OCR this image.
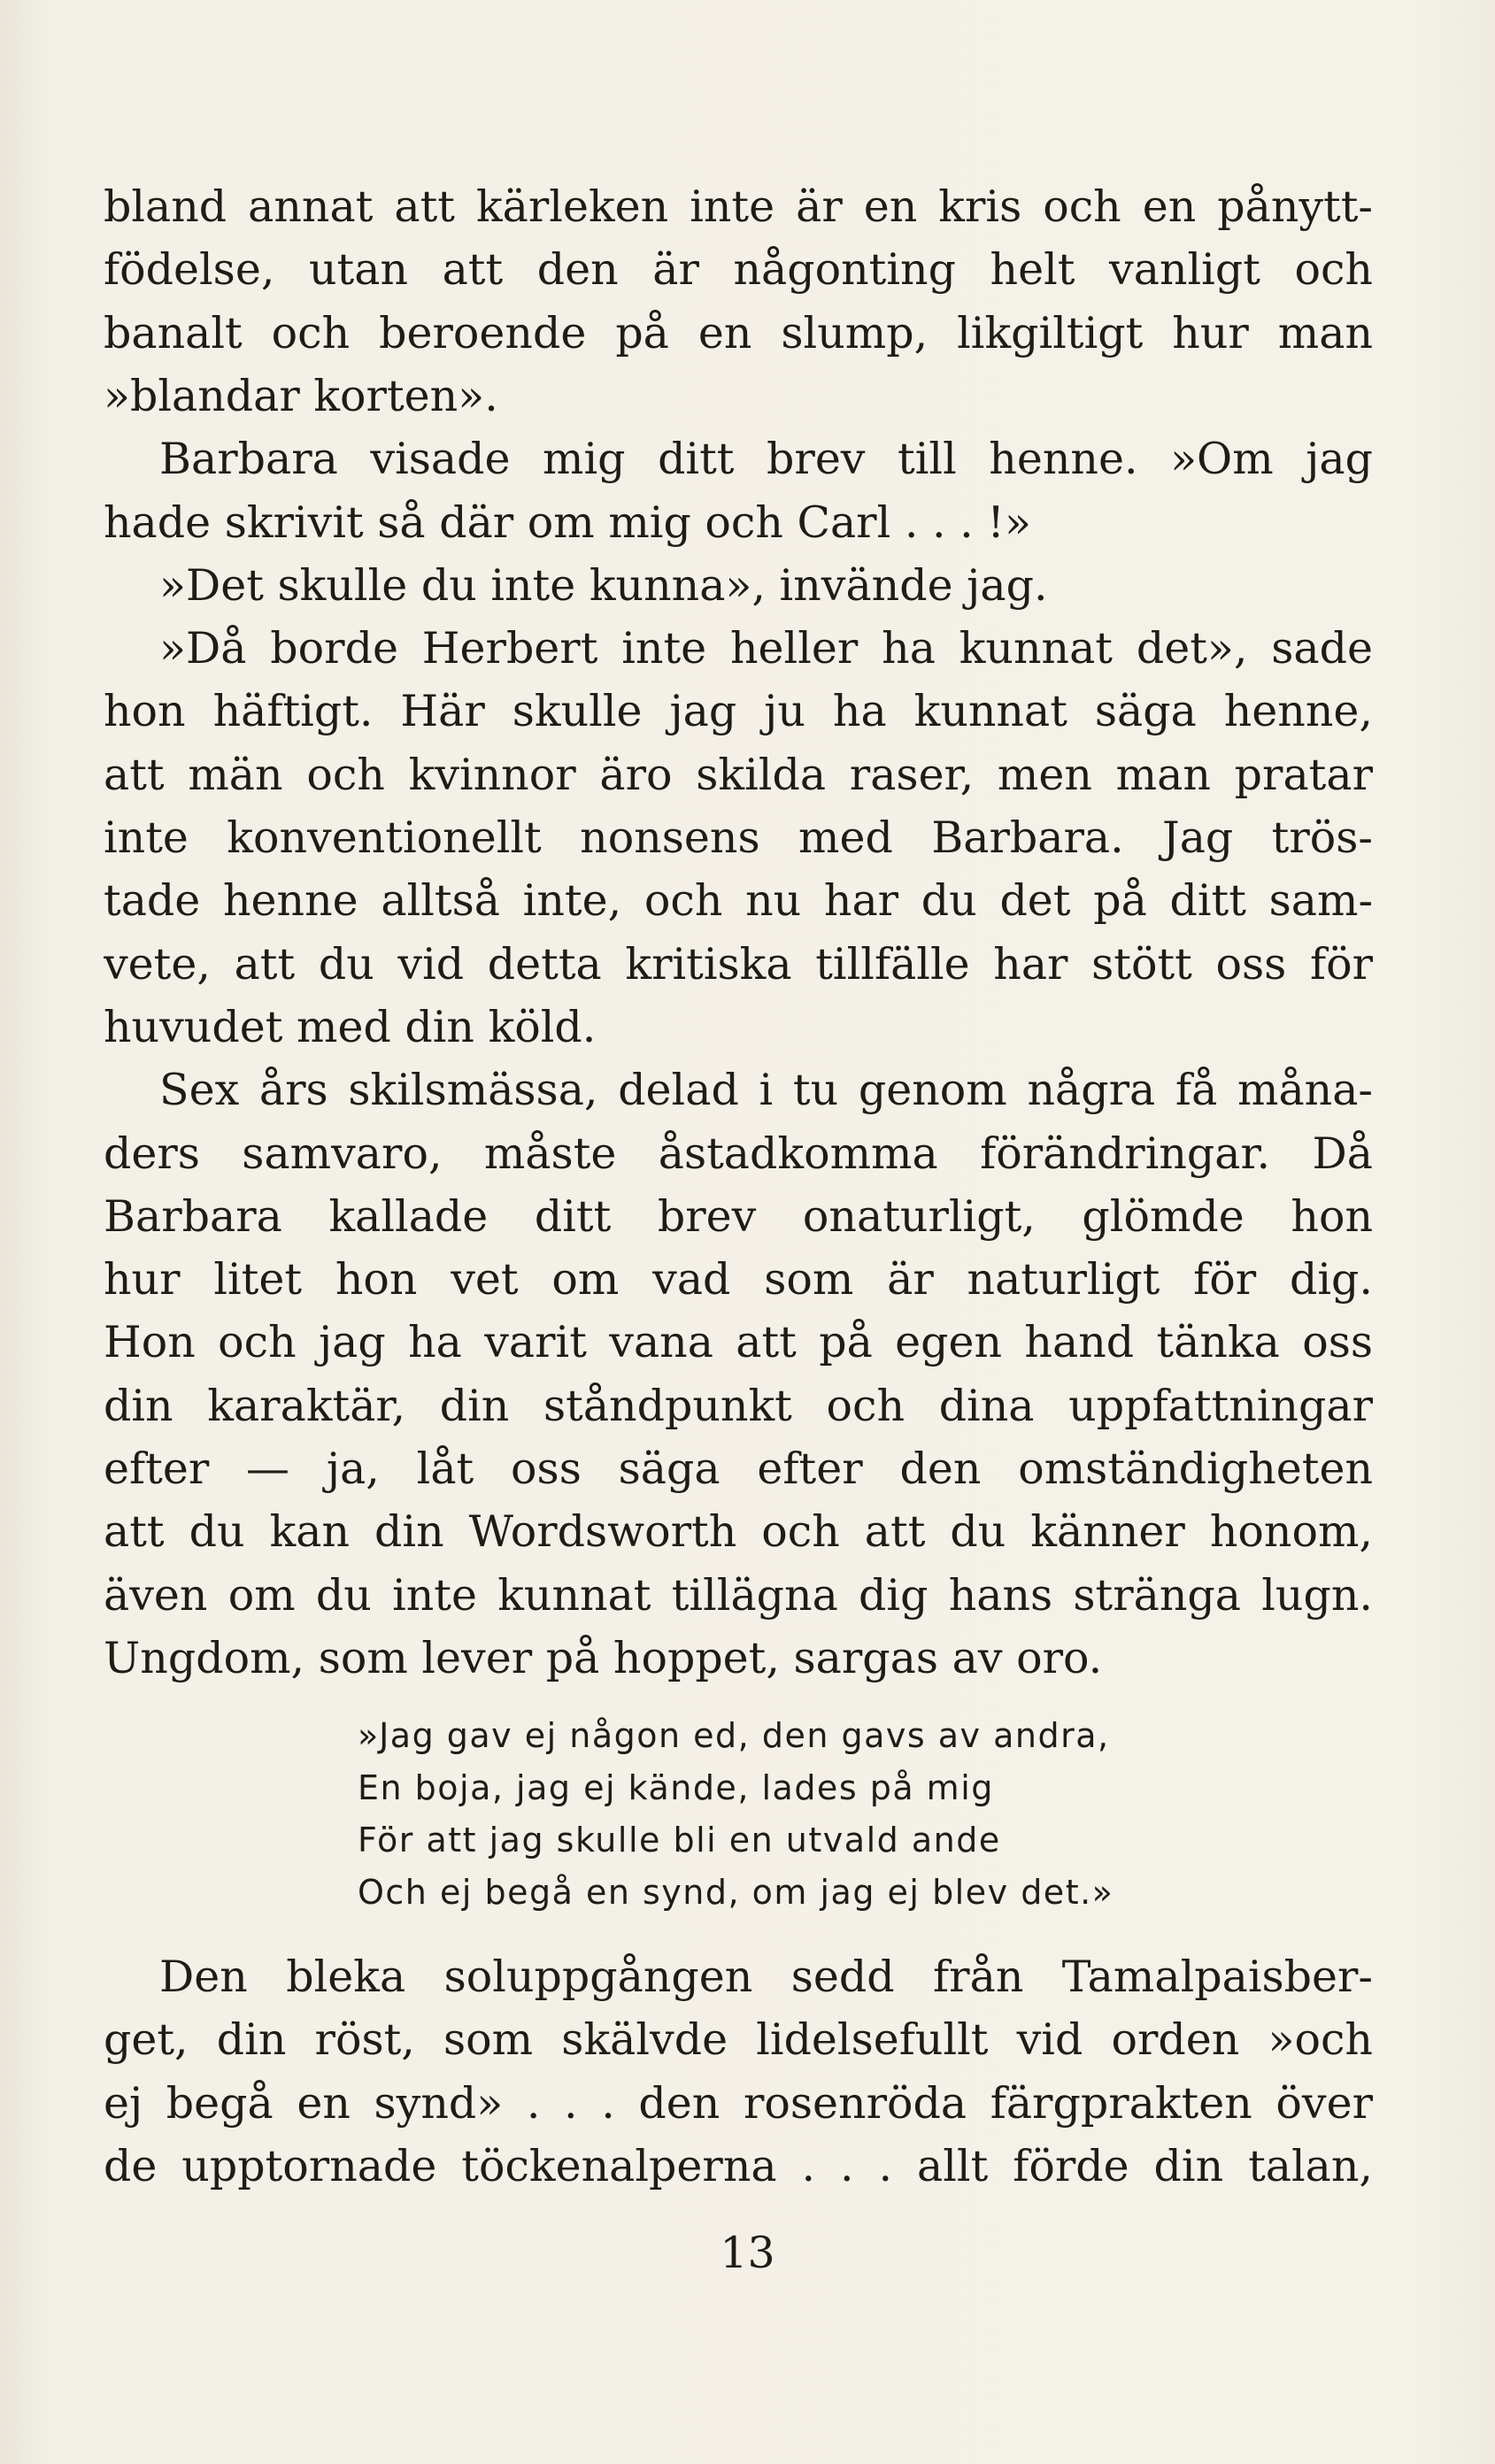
bland annat att kärleken inte är en kris och en pånytt-
födelse, utan att den är någonting helt vanligt och
banalt och beroende på en slump, likgiltigt hur man
»blandar korten».
Barbara visade mig ditt brev till henne. »Om jag
hade skrivit så där om mig och Carl . . . !»
»Det skulle du inte kunna», invände jag.
»Då borde Herbert inte heller ha kunnat det», sade
hon häftigt. Här skulle jag ju ha kunnat säga henne,
att män och kvinnor äro skilda raser, men man pratar
inte konventionellt nonsens med Barbara. Jag trös-
tade henne alltså inte, och nu har du det på ditt sam-
vete, att du vid detta kritiska tillfälle har stött oss för
huvudet med din köld.
Sex års skilsmässa, delad i tu genom några få måna-
ders samvaro, måste åstadkomma förändringar. Då
Barbara kallade ditt brev onaturligt, glömde hon
hur litet hon vet om vad som är naturligt för dig.
Hon och jag ha varit vana att på egen hand tänka oss
din karaktär, din ståndpunkt och dina uppfattningar
efter — ja, låt oss säga efter den omständigheten
att du kan din Wordsworth och att du känner honom,
även om du inte kunnat tillägna dig hans stränga lugn.
Ungdom, som lever på hoppet, sargas av oro.
»Jag gav ej någon ed, den gavs av andra,
En boja, jag ej kände, lades på mig
För att jag skulle bli en utvald ande
Och ej begå en synd, om jag ej blev det.»
Den bleka soluppgången sedd från Tamalpaisber-
get, din röst, som skälvde lidelsefullt vid orden »och
ej begå en synd» . . . den rosenröda färgprakten över
de upptornade töckenalperna . . . allt förde din talan,
13
